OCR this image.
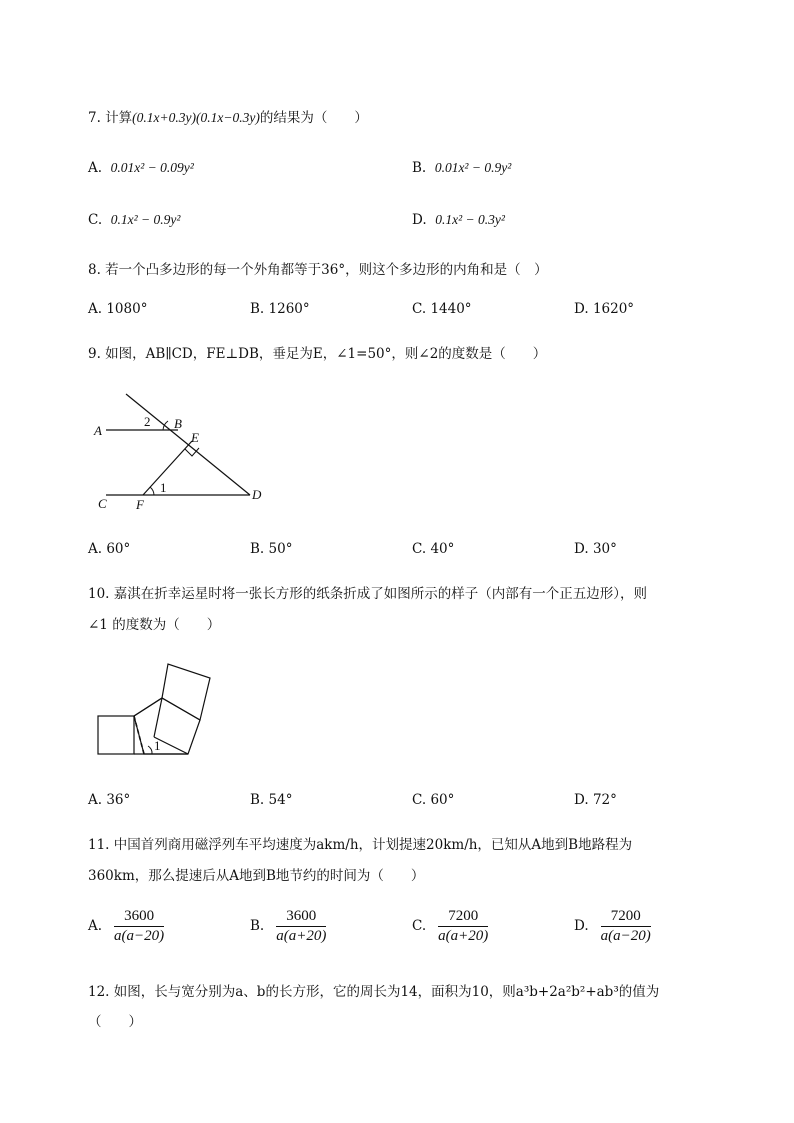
7. 计算(0.1x+0.3y)(0.1x−0.3y)的结果为（　　）
A. 0.01x² − 0.09y²	B. 0.01x² − 0.9y²
C. 0.1x² − 0.9y²	D. 0.1x² − 0.3y²
8. 若一个凸多边形的每一个外角都等于36°，则这个多边形的内角和是（　）
A. 1080°	B. 1260°	C. 1440°	D. 1620°
9. 如图，AB∥CD，FE⊥DB，垂足为E，∠1=50°，则∠2的度数是（　　）
A	B
C
D
E
F
1
2
A. 60°	B. 50°	C. 40°	D. 30°
10. 嘉淇在折幸运星时将一张长方形的纸条折成了如图所示的样子（内部有一个正五边形），则
∠1 的度数为（　　）
1
A. 36°	B. 54°	C. 60°	D. 72°
11. 中国首列商用磁浮列车平均速度为akm/h，计划提速20km/h，已知从A地到B地路程为
360km，那么提速后从A地到B地节约的时间为（　　）
A. $\frac{3600}{a(a-20)}$	B. $\frac{3600}{a(a+20)}$	C. $\frac{7200}{a(a+20)}$	D. $\frac{7200}{a(a-20)}$
12. 如图，长与宽分别为a、b的长方形，它的周长为14，面积为10，则a³b+2a²b²+ab³的值为
（　　）
